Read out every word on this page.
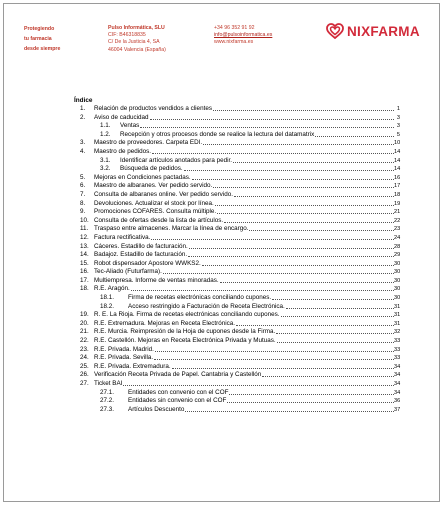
Protegiendo
tu farmacia
desde siempre
Pulso Informática, SLU
CIF: B46318835
C/ De la Justicia 4, SA
46004 Valencia (España)
+34 96 352 91 92
info@pulsoinformatica.es
www.nixfarma.es
NIXFARMA
Índice
1. Relación de productos vendidos a clientes	1
2. Aviso de caducidad	3
1.1. Ventas	3
1.2. Recepción y otros procesos donde se realice la lectura del datamatrix	5
3. Maestro de proveedores. Carpeta EDI.	10
4. Maestro de pedidos.	14
3.1. Identificar artículos anotados para pedir.	14
3.2. Búsqueda de pedidos.	14
5. Mejoras en Condiciones pactadas.	16
6. Maestro de albaranes. Ver pedido servido.	17
7. Consulta de albaranes online. Ver pedido servido.	18
8. Devoluciones. Actualizar el stock por línea.	19
9. Promociones COFARES. Consulta múltiple.	21
10. Consulta de ofertas desde la lista de artículos.	22
11. Traspaso entre almacenes. Marcar la línea de encargo.	23
12. Factura rectificativa.	24
13. Cáceres. Estadillo de facturación.	28
14. Badajoz. Estadillo de facturación.	29
15. Robot dispensador Apostore WWKS2.	30
16. Tec-Aliado (Futurfarma).	30
17. Multiempresa. Informe de ventas minoradas.	30
18. R.E. Aragón.	30
18.1. Firma de recetas electrónicas conciliando cupones.	30
18.2. Acceso restringido a Facturación de Receta Electrónica.	31
19. R. E. La Rioja. Firma de recetas electrónicas conciliando cupones.	31
20. R.E. Extremadura. Mejoras en Receta Electrónica.	31
21. R.E. Murcia. Reimpresión de la Hoja de cupones desde la Firma.	32
22. R.E. Castellón. Mejoras en Receta Electrónica Privada y Mutuas.	33
23. R.E. Privada. Madrid.	33
24. R.E. Privada. Sevilla.	33
25. R.E. Privada. Extremadura.	34
26. Verificación Receta Privada de Papel. Cantabria y Castellón	34
27. Ticket BAI	34
27.1. Entidades con convenio con el COF	34
27.2. Entidades sin convenio con el COF	36
27.3. Artículos Descuento	37
